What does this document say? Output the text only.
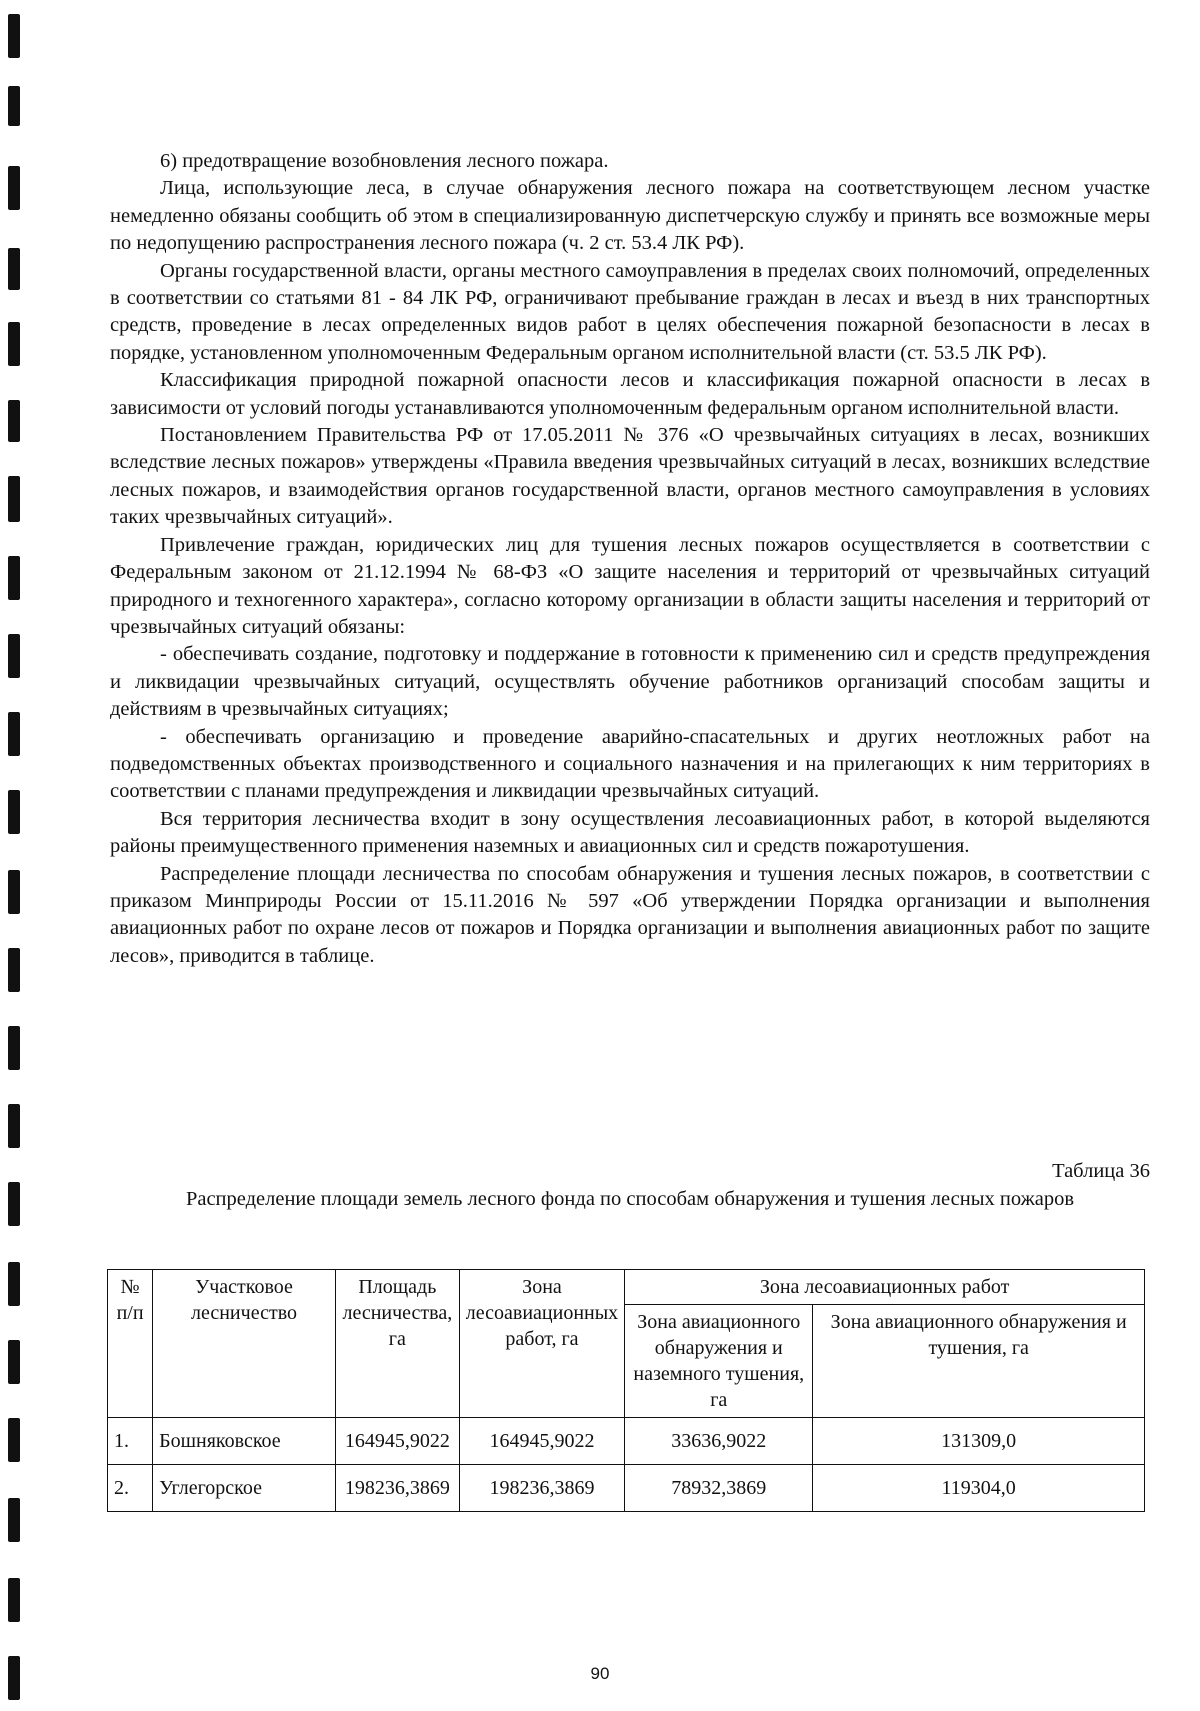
6) предотвращение возобновления лесного пожара.

Лица, использующие леса, в случае обнаружения лесного пожара на соответствующем лесном участке немедленно обязаны сообщить об этом в специализированную диспетчерскую службу и принять все возможные меры по недопущению распространения лесного пожара (ч. 2 ст. 53.4 ЛК РФ).

Органы государственной власти, органы местного самоуправления в пределах своих полномочий, определенных в соответствии со статьями 81 - 84 ЛК РФ, ограничивают пребывание граждан в лесах и въезд в них транспортных средств, проведение в лесах определенных видов работ в целях обеспечения пожарной безопасности в лесах в порядке, установленном уполномоченным Федеральным органом исполнительной власти (ст. 53.5 ЛК РФ).

Классификация природной пожарной опасности лесов и классификация пожарной опасности в лесах в зависимости от условий погоды устанавливаются уполномоченным федеральным органом исполнительной власти.

Постановлением Правительства РФ от 17.05.2011 № 376 «О чрезвычайных ситуациях в лесах, возникших вследствие лесных пожаров» утверждены «Правила введения чрезвычайных ситуаций в лесах, возникших вследствие лесных пожаров, и взаимодействия органов государственной власти, органов местного самоуправления в условиях таких чрезвычайных ситуаций».

Привлечение граждан, юридических лиц для тушения лесных пожаров осуществляется в соответствии с Федеральным законом от 21.12.1994 № 68-ФЗ «О защите населения и территорий от чрезвычайных ситуаций природного и техногенного характера», согласно которому организации в области защиты населения и территорий от чрезвычайных ситуаций обязаны:

- обеспечивать создание, подготовку и поддержание в готовности к применению сил и средств предупреждения и ликвидации чрезвычайных ситуаций, осуществлять обучение работников организаций способам защиты и действиям в чрезвычайных ситуациях;

- обеспечивать организацию и проведение аварийно-спасательных и других неотложных работ на подведомственных объектах производственного и социального назначения и на прилегающих к ним территориях в соответствии с планами предупреждения и ликвидации чрезвычайных ситуаций.

Вся территория лесничества входит в зону осуществления лесоавиационных работ, в которой выделяются районы преимущественного применения наземных и авиационных сил и средств пожаротушения.

Распределение площади лесничества по способам обнаружения и тушения лесных пожаров, в соответствии с приказом Минприроды России от 15.11.2016 № 597 «Об утверждении Порядка организации и выполнения авиационных работ по охране лесов от пожаров и Порядка организации и выполнения авиационных работ по защите лесов», приводится в таблице.

Таблица 36
Распределение площади земель лесного фонда по способам обнаружения и тушения лесных пожаров
№ п/п	Участковое лесничество	Площадь лесничества, га	Зона лесоавиационных работ, га	Зона лесоавиационных работ	
				Зона авиационного обнаружения и наземного тушения, га	Зона авиационного обнаружения и тушения, га
1.	Бошняковское	164945,9022	164945,9022	33636,9022	131309,0
2.	Углегорское	198236,3869	198236,3869	78932,3869	119304,0
90
